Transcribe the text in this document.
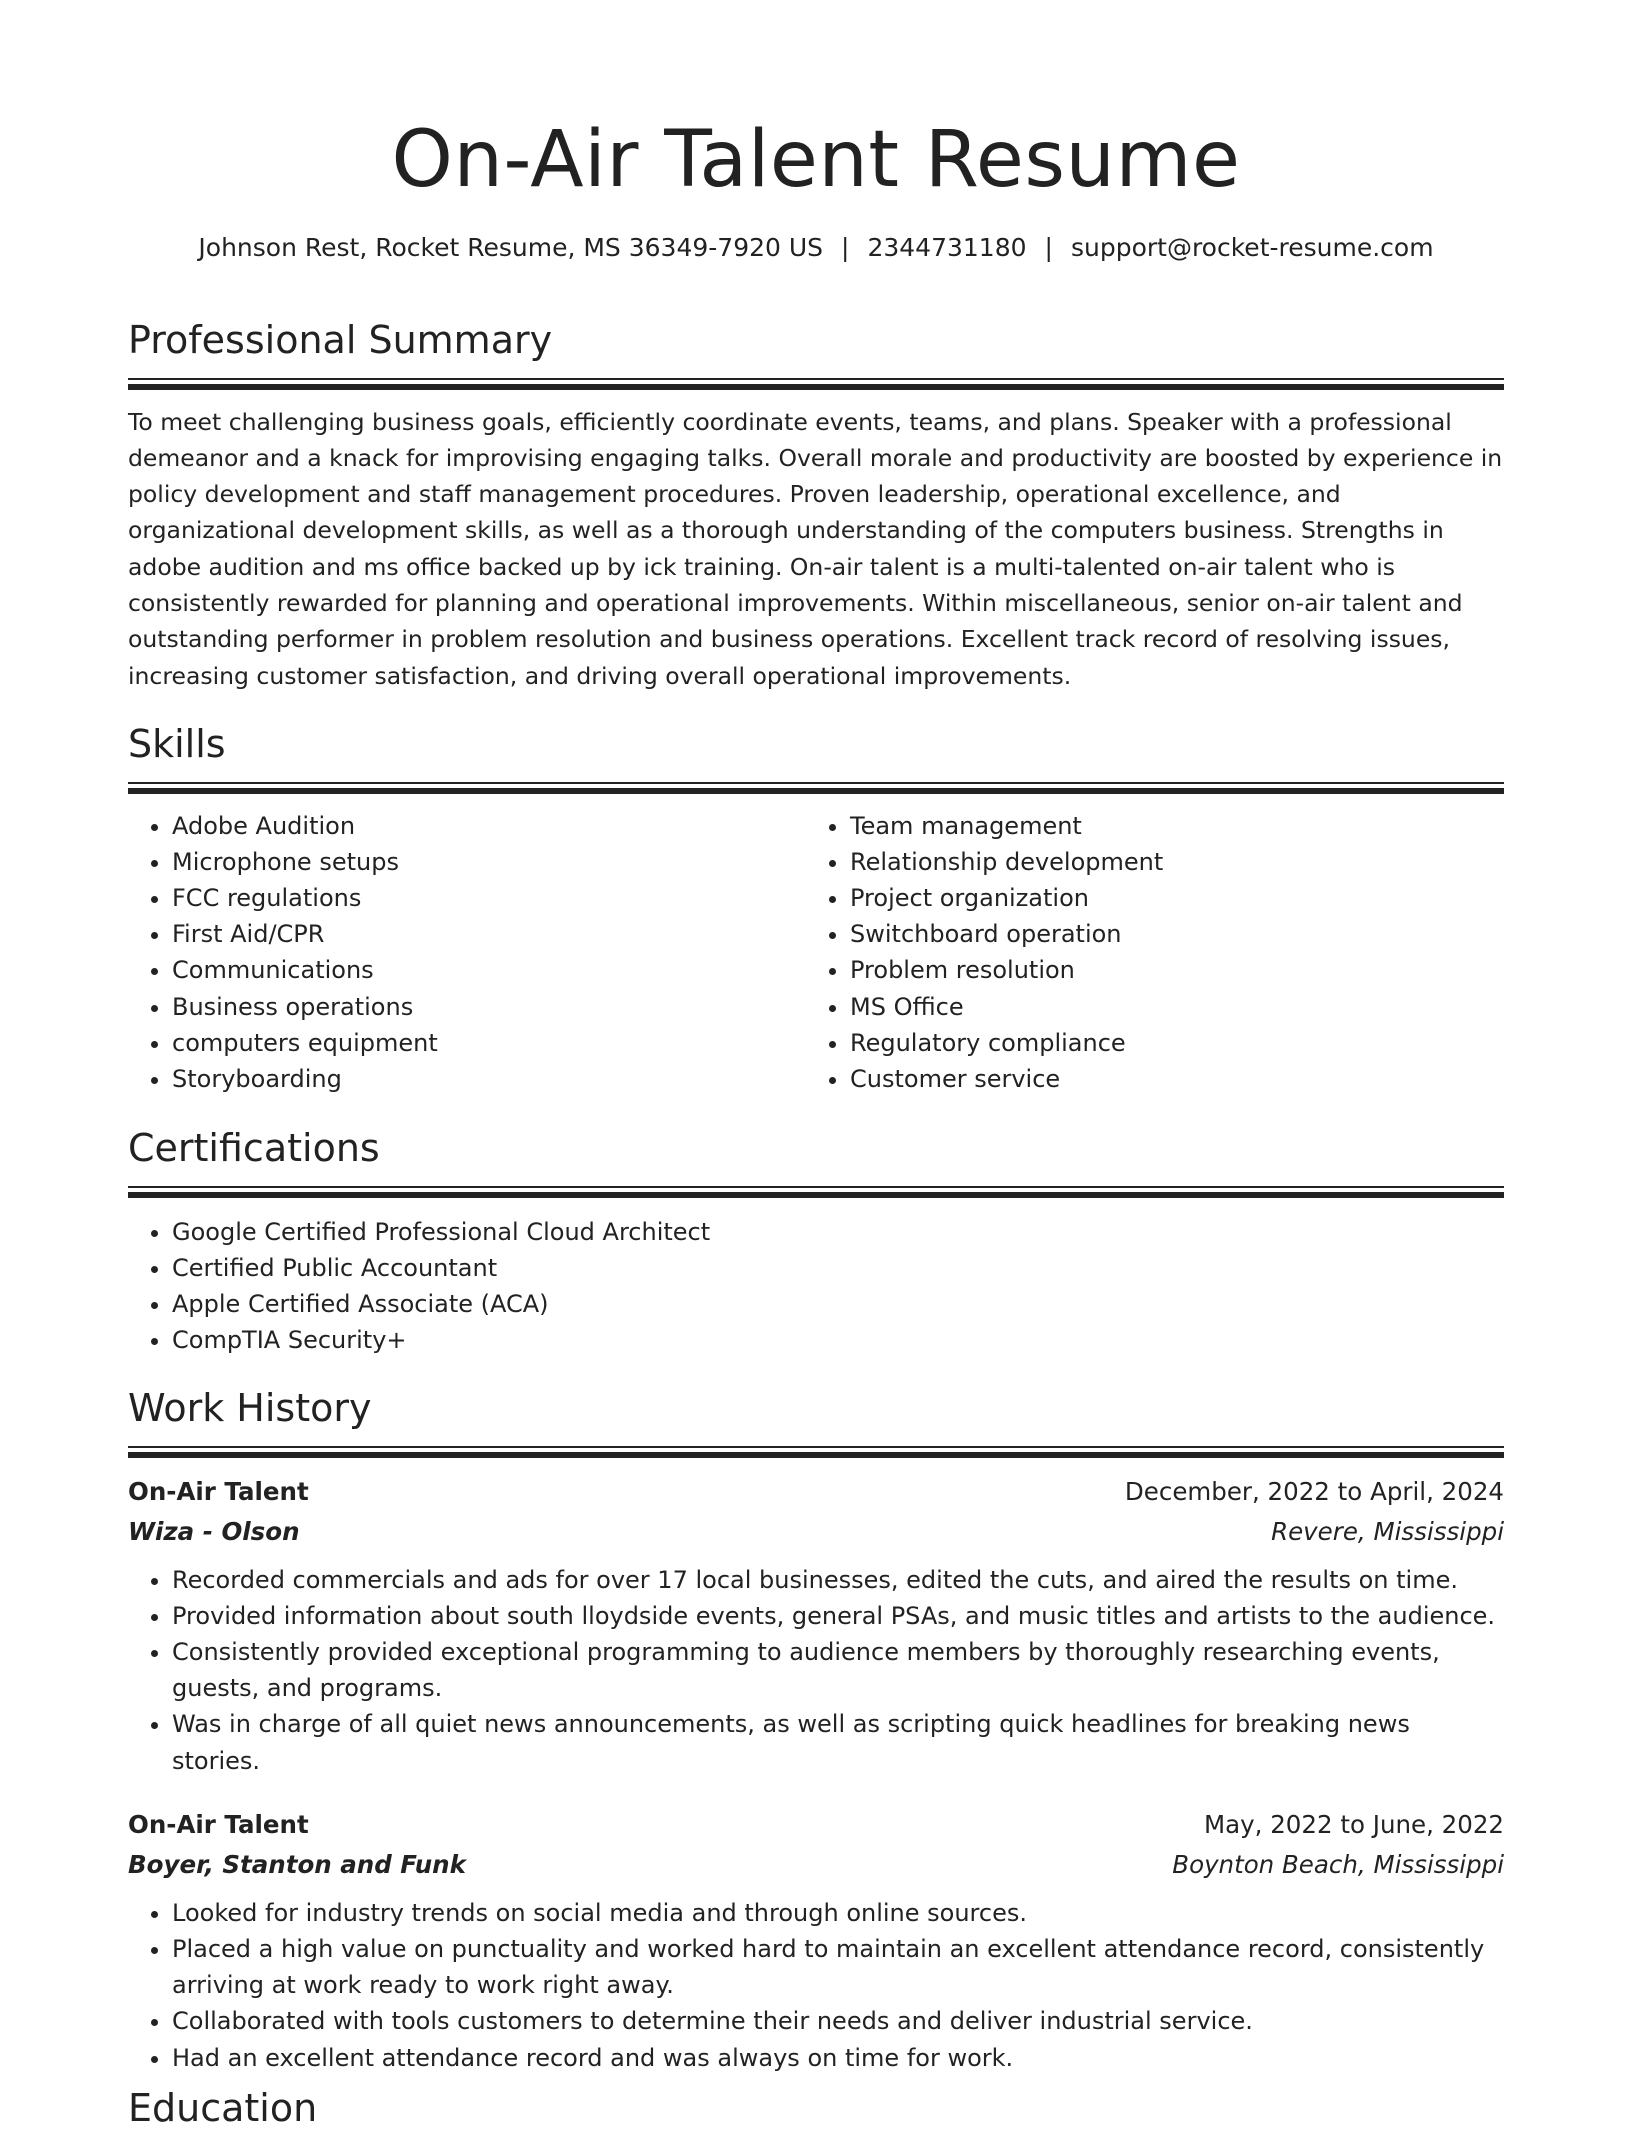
On-Air Talent Resume
Johnson Rest, Rocket Resume, MS 36349-7920 US | 2344731180 | support@rocket-resume.com
Professional Summary

To meet challenging business goals, efficiently coordinate events, teams, and plans. Speaker with a professional demeanor and a knack for improvising engaging talks. Overall morale and productivity are boosted by experience in policy development and staff management procedures. Proven leadership, operational excellence, and organizational development skills, as well as a thorough understanding of the computers business. Strengths in adobe audition and ms office backed up by ick training. On-air talent is a multi-talented on-air talent who is consistently rewarded for planning and operational improvements. Within miscellaneous, senior on-air talent and outstanding performer in problem resolution and business operations. Excellent track record of resolving issues, increasing customer satisfaction, and driving overall operational improvements.

Skills
• Adobe Audition
• Microphone setups
• FCC regulations
• First Aid/CPR
• Communications
• Business operations
• computers equipment
• Storyboarding
• Team management
• Relationship development
• Project organization
• Switchboard operation
• Problem resolution
• MS Office
• Regulatory compliance
• Customer service
Certifications
• Google Certified Professional Cloud Architect
• Certified Public Accountant
• Apple Certified Associate (ACA)
• CompTIA Security+
Work History
On-Air Talent	December, 2022 to April, 2024
Wiza - Olson	Revere, Mississippi
• Recorded commercials and ads for over 17 local businesses, edited the cuts, and aired the results on time.
• Provided information about south lloydside events, general PSAs, and music titles and artists to the audience.
• Consistently provided exceptional programming to audience members by thoroughly researching events, guests, and programs.
• Was in charge of all quiet news announcements, as well as scripting quick headlines for breaking news stories.
On-Air Talent	May, 2022 to June, 2022
Boyer, Stanton and Funk	Boynton Beach, Mississippi
• Looked for industry trends on social media and through online sources.
• Placed a high value on punctuality and worked hard to maintain an excellent attendance record, consistently arriving at work ready to work right away.
• Collaborated with tools customers to determine their needs and deliver industrial service.
• Had an excellent attendance record and was always on time for work.
Education
